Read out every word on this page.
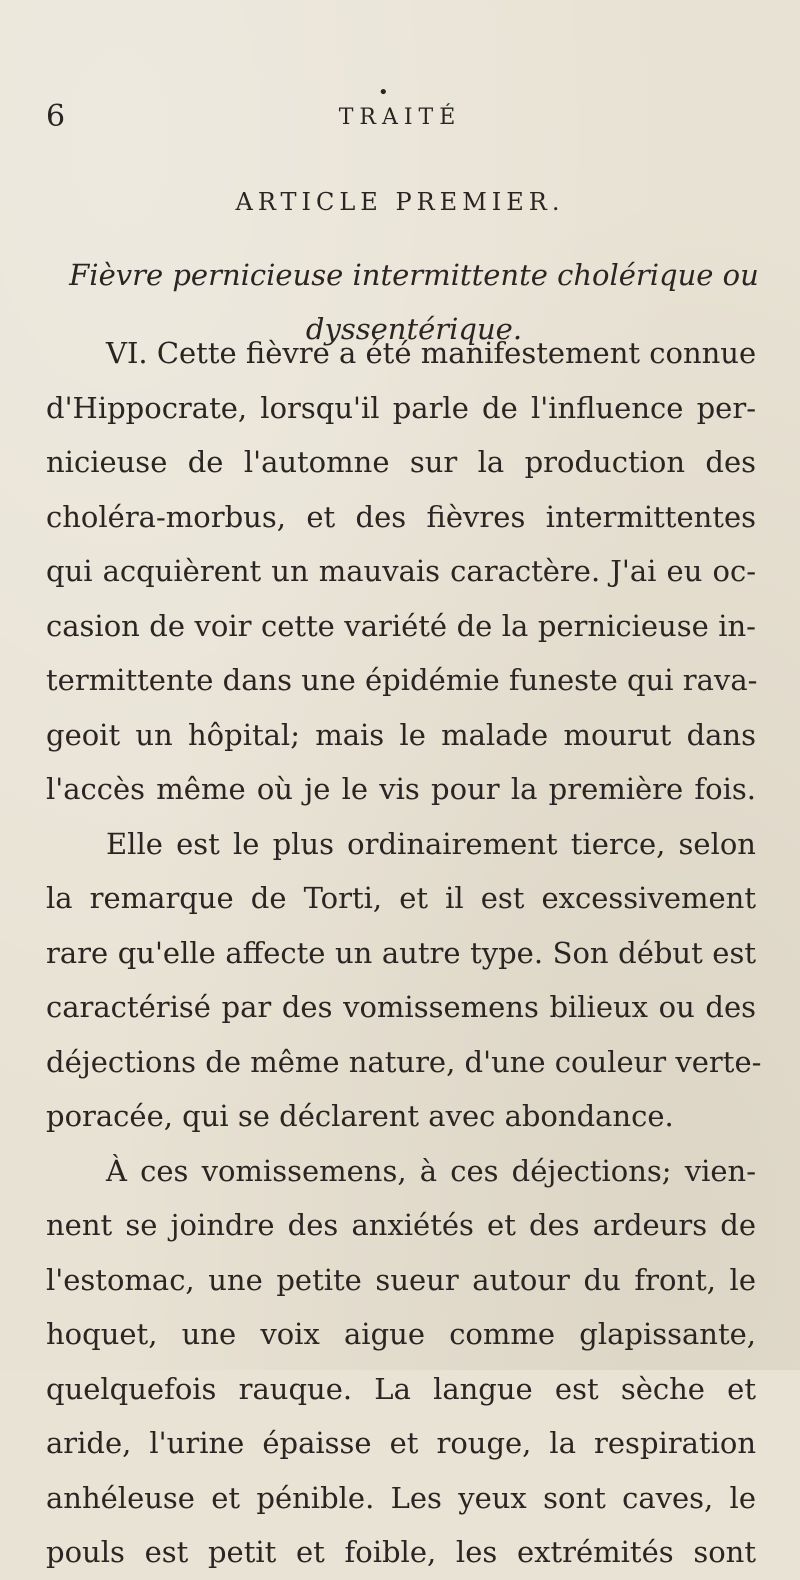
6
•
TRAITÉ
ARTICLE PREMIER.
Fièvre pernicieuse intermittente cholérique ou
dyssentérique.
VI. Cette fièvre a été manifestement connue
d'Hippocrate, lorsqu'il parle de l'influence per-
nicieuse de l'automne sur la production des
choléra-morbus, et des fièvres intermittentes
qui acquièrent un mauvais caractère. J'ai eu oc-
casion de voir cette variété de la pernicieuse in-
termittente dans une épidémie funeste qui rava-
geoit un hôpital; mais le malade mourut dans
l'accès même où je le vis pour la première fois.
Elle est le plus ordinairement tierce, selon
la remarque de Torti, et il est excessivement
rare qu'elle affecte un autre type. Son début est
caractérisé par des vomissemens bilieux ou des
déjections de même nature, d'une couleur verte-
poracée, qui se déclarent avec abondance.
À ces vomissemens, à ces déjections; vien-
nent se joindre des anxiétés et des ardeurs de
l'estomac, une petite sueur autour du front, le
hoquet, une voix aigue comme glapissante,
quelquefois rauque. La langue est sèche et
aride, l'urine épaisse et rouge, la respiration
anhéleuse et pénible. Les yeux sont caves, le
pouls est petit et foible, les extrémités sont
